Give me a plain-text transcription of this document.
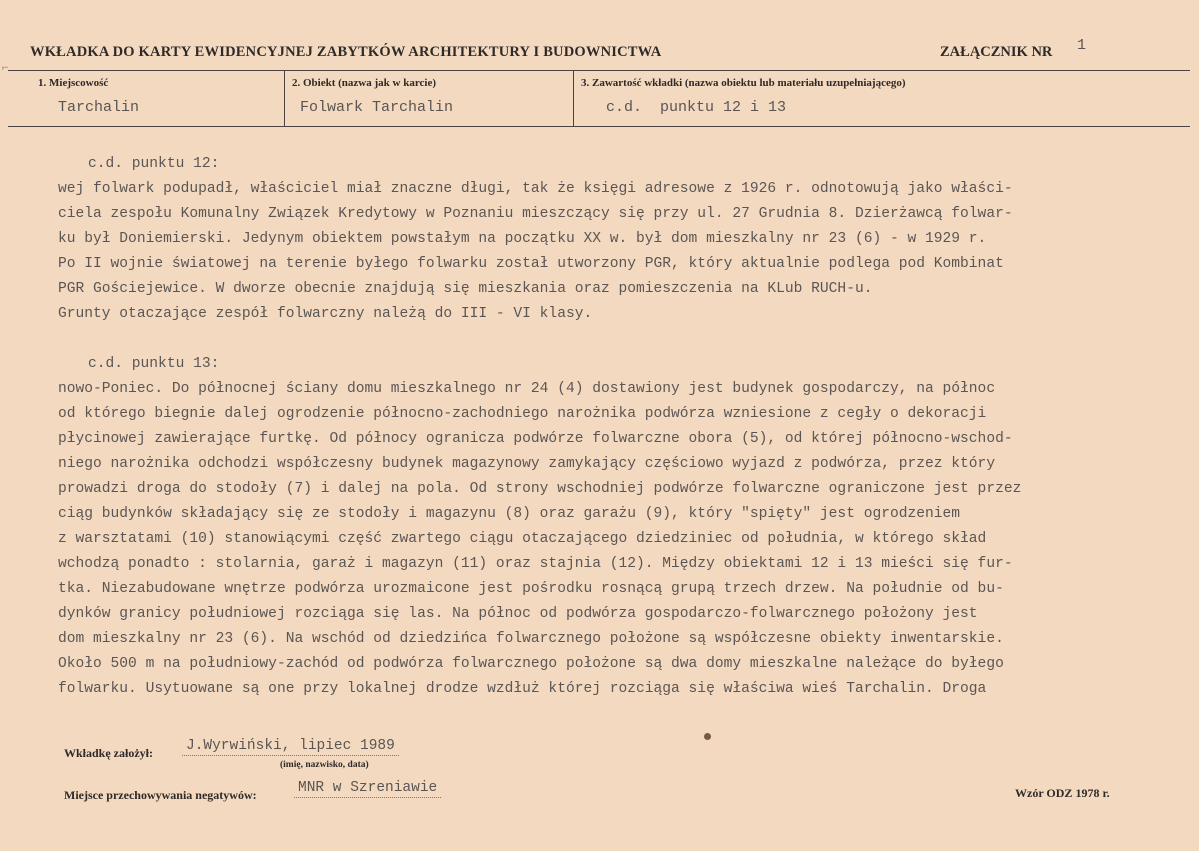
WKŁADKA DO KARTY EWIDENCYJNEJ ZABYTKÓW ARCHITEKTURY I BUDOWNICTWA	ZAŁĄCZNIK NR 1
⌐
1. Miejscowość
Tarchalin
2. Obiekt (nazwa jak w karcie)
Folwark Tarchalin
3. Zawartość wkładki (nazwa obiektu lub materiału uzupełniającego)
c.d.  punktu 12 i 13
c.d. punktu 12:
wej folwark podupadł, właściciel miał znaczne długi, tak że księgi adresowe z 1926 r. odnotowują jako właści-
ciela zespołu Komunalny Związek Kredytowy w Poznaniu mieszczący się przy ul. 27 Grudnia 8. Dzierżawcą folwar-
ku był Doniemierski. Jedynym obiektem powstałym na początku XX w. był dom mieszkalny nr 23 (6) - w 1929 r.
Po II wojnie światowej na terenie byłego folwarku został utworzony PGR, który aktualnie podlega pod Kombinat
PGR Gościejewice. W dworze obecnie znajdują się mieszkania oraz pomieszczenia na KLub RUCH-u.
Grunty otaczające zespół folwarczny należą do III - VI klasy.
c.d. punktu 13:
nowo-Poniec. Do północnej ściany domu mieszkalnego nr 24 (4) dostawiony jest budynek gospodarczy, na północ
od którego biegnie dalej ogrodzenie północno-zachodniego narożnika podwórza wzniesione z cegły o dekoracji
płycinowej zawierające furtkę. Od północy ogranicza podwórze folwarczne obora (5), od której północno-wschod-
niego narożnika odchodzi współczesny budynek magazynowy zamykający częściowo wyjazd z podwórza, przez który
prowadzi droga do stodoły (7) i dalej na pola. Od strony wschodniej podwórze folwarczne ograniczone jest przez
ciąg budynków składający się ze stodoły i magazynu (8) oraz garażu (9), który "spięty" jest ogrodzeniem
z warsztatami (10) stanowiącymi część zwartego ciągu otaczającego dziedziniec od południa, w którego skład
wchodzą ponadto : stolarnia, garaż i magazyn (11) oraz stajnia (12). Między obiektami 12 i 13 mieści się fur-
tka. Niezabudowane wnętrze podwórza urozmaicone jest pośrodku rosnącą grupą trzech drzew. Na południe od bu-
dynków granicy południowej rozciąga się las. Na północ od podwórza gospodarczo-folwarcznego położony jest
dom mieszkalny nr 23 (6). Na wschód od dziedzińca folwarcznego położone są współczesne obiekty inwentarskie.
Około 500 m na południowy-zachód od podwórza folwarcznego położone są dwa domy mieszkalne należące do byłego
folwarku. Usytuowane są one przy lokalnej drodze wzdłuż której rozciąga się właściwa wieś Tarchalin. Droga
Wkładkę założył: J.Wyrwiński, lipiec 1989
(imię, nazwisko, data)
Miejsce przechowywania negatywów:	MNR w Szreniawie	Wzór ODZ 1978 r.
